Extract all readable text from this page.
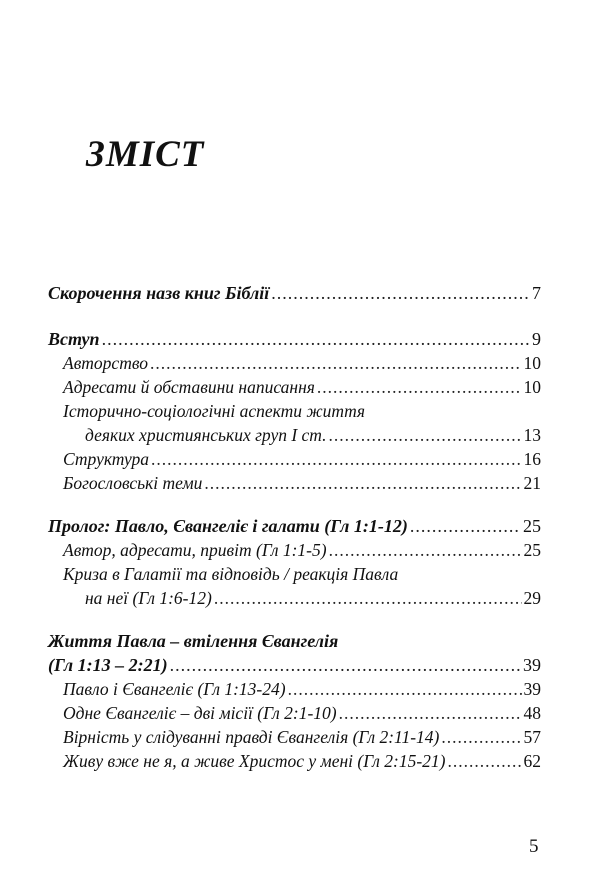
ЗМІСТ
Скорочення назв книг Біблії .....	7
Вступ .....	9
Авторство .....	10
Адресати й обставини написання .....	10
Історично-соціологічні аспекти життя
деяких християнських груп I ст. .....	13
Структура .....	16
Богословські теми .....	21
Пролог: Павло, Євангеліє і галати (Гл 1:1-12) .....	25
Автор, адресати, привіт (Гл 1:1-5) .....	25
Криза в Галатії та відповідь / реакція Павла
на неї (Гл 1:6-12) .....	29
Життя Павла – втілення Євангелія
(Гл 1:13 – 2:21) .....	39
Павло і Євангеліє (Гл 1:13-24) .....	39
Одне Євангеліє – дві місії (Гл 2:1-10) .....	48
Вірність у слідуванні правді Євангелія (Гл 2:11-14) .....	57
Живу вже не я, а живе Христос у мені (Гл 2:15-21) .....	62
5
